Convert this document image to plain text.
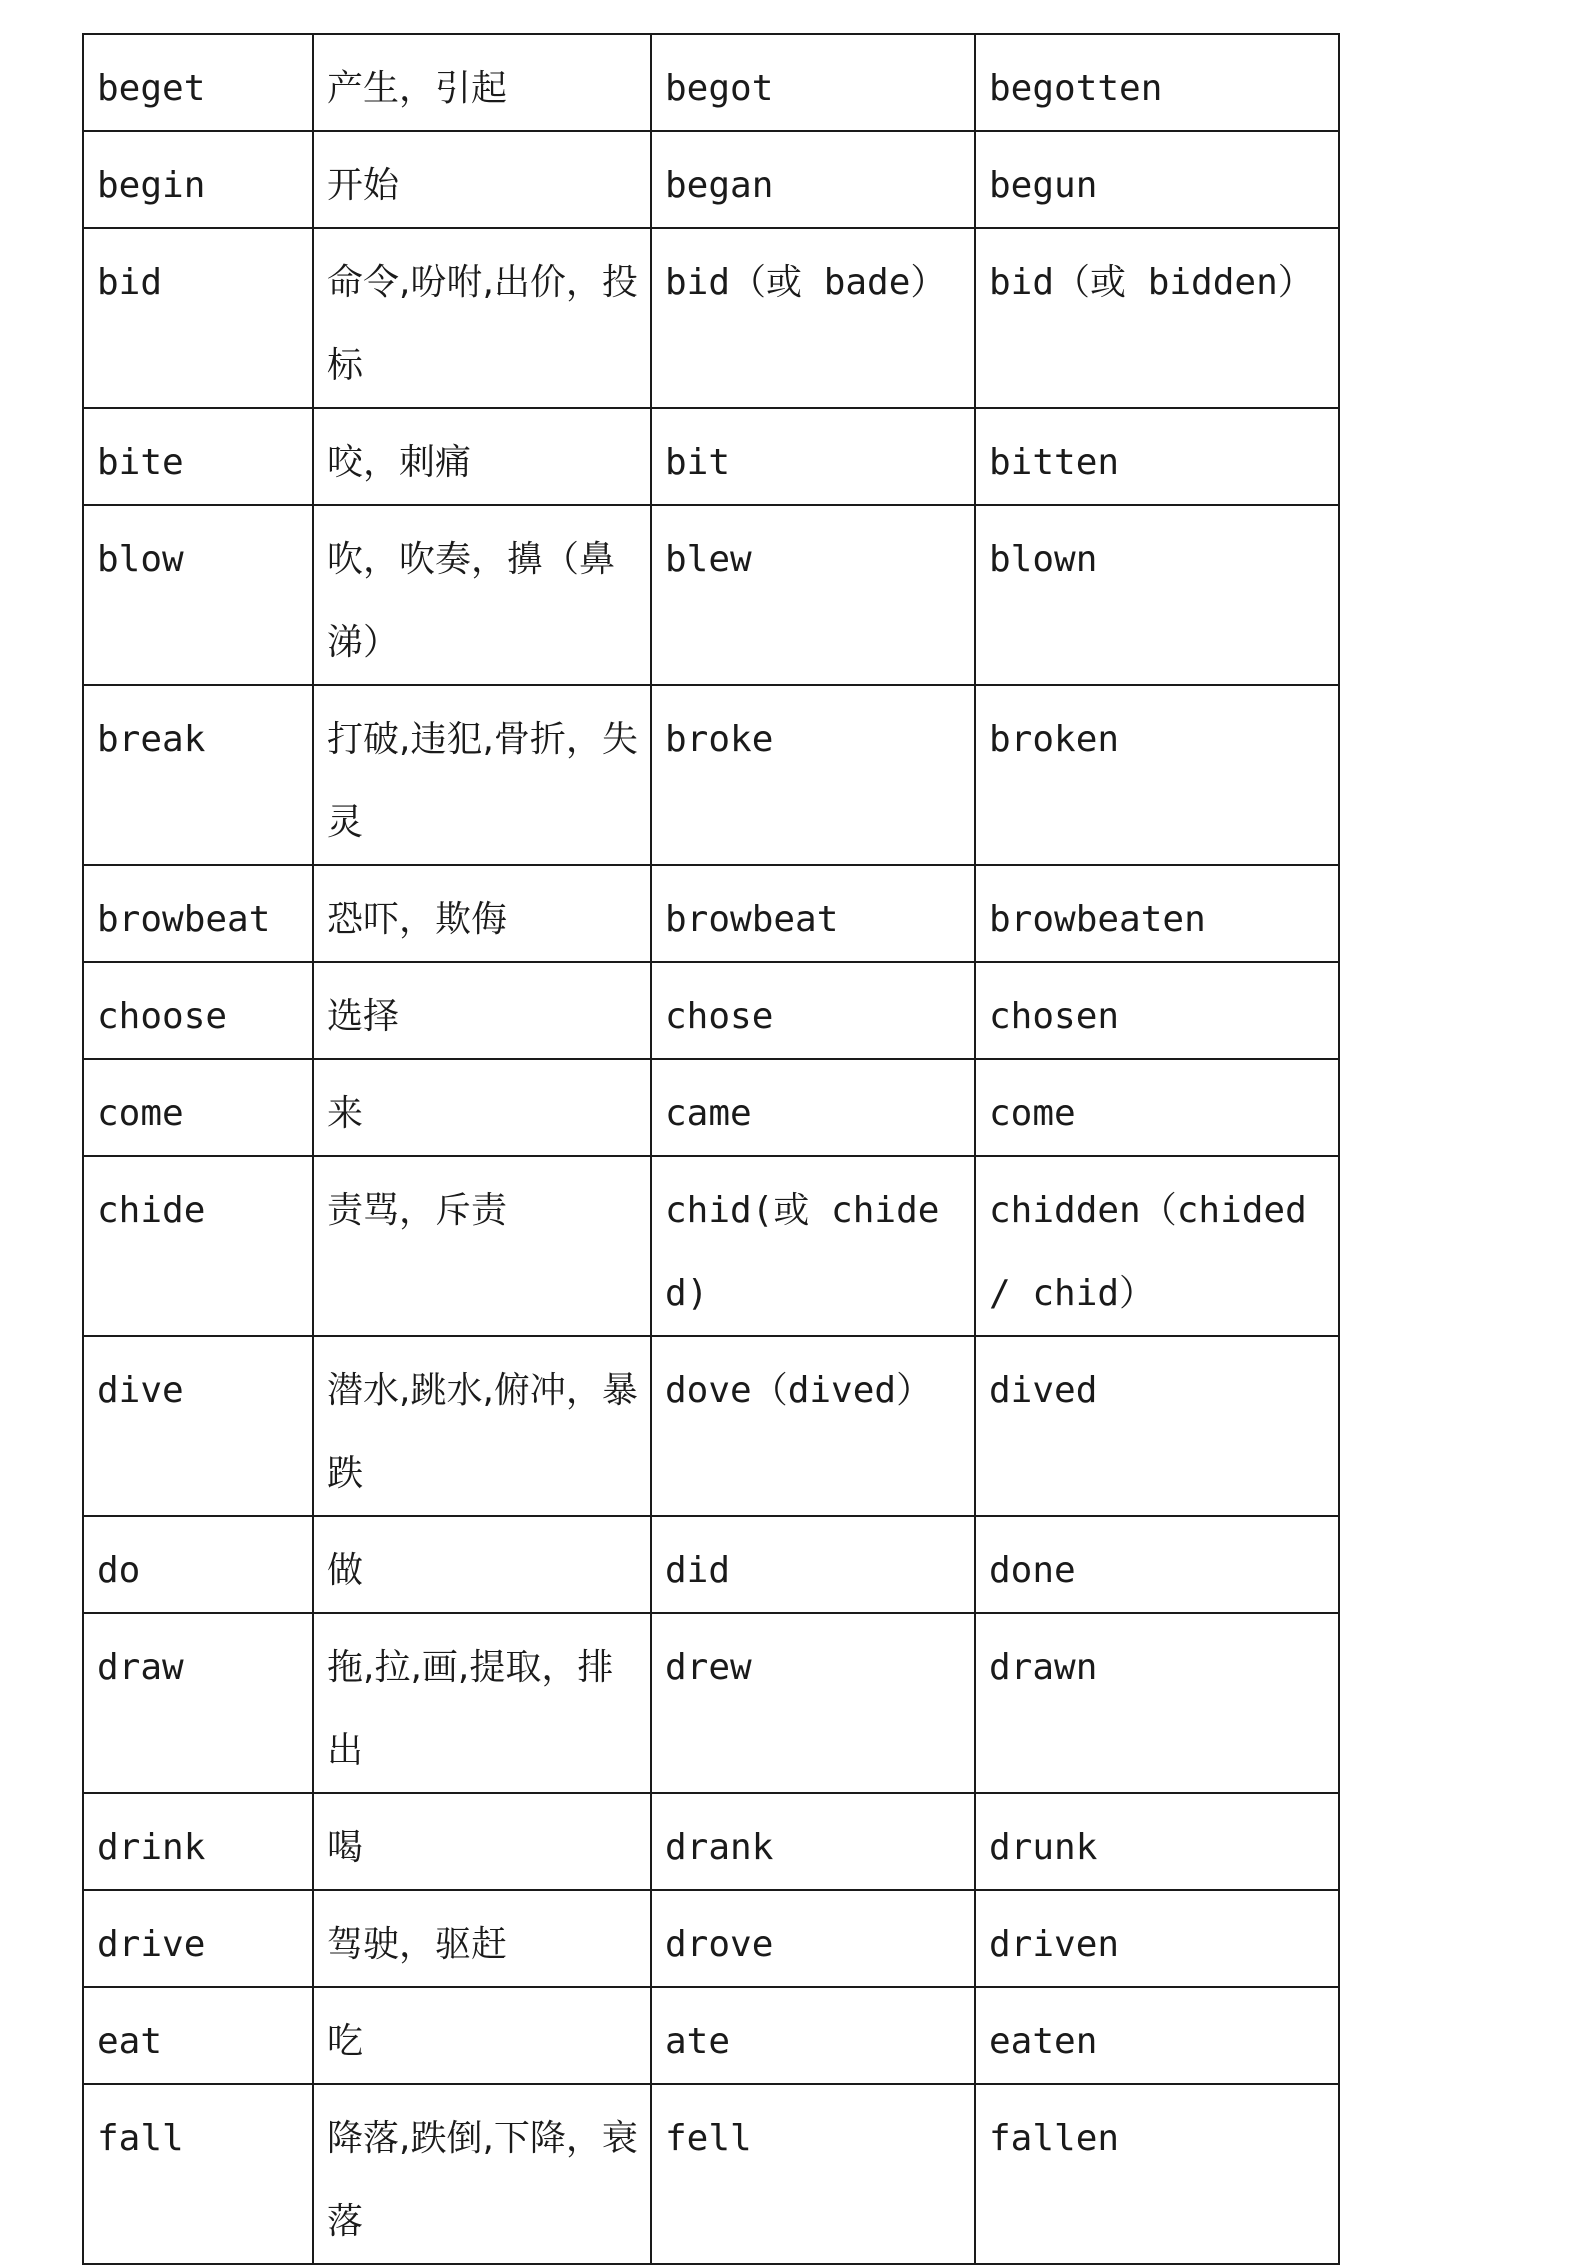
beget	产生，引起	begot	begotten
begin	开始	began	begun
bid	命令,吩咐,出价，投标	bid（或 bade）	bid（或 bidden）
bite	咬，刺痛	bit	bitten
blow	吹，吹奏，擤（鼻涕）	blew	blown
break	打破,违犯,骨折，失灵	broke	broken
browbeat	恐吓，欺侮	browbeat	browbeaten
choose	选择	chose	chosen
come	来	came	come
chide	责骂，斥责	chid(或 chided)	chidden（chided / chid）
dive	潜水,跳水,俯冲，暴跌	dove（dived）	dived
do	做	did	done
draw	拖,拉,画,提取，排出	drew	drawn
drink	喝	drank	drunk
drive	驾驶，驱赶	drove	driven
eat	吃	ate	eaten
fall	降落,跌倒,下降，衰落	fell	fallen
